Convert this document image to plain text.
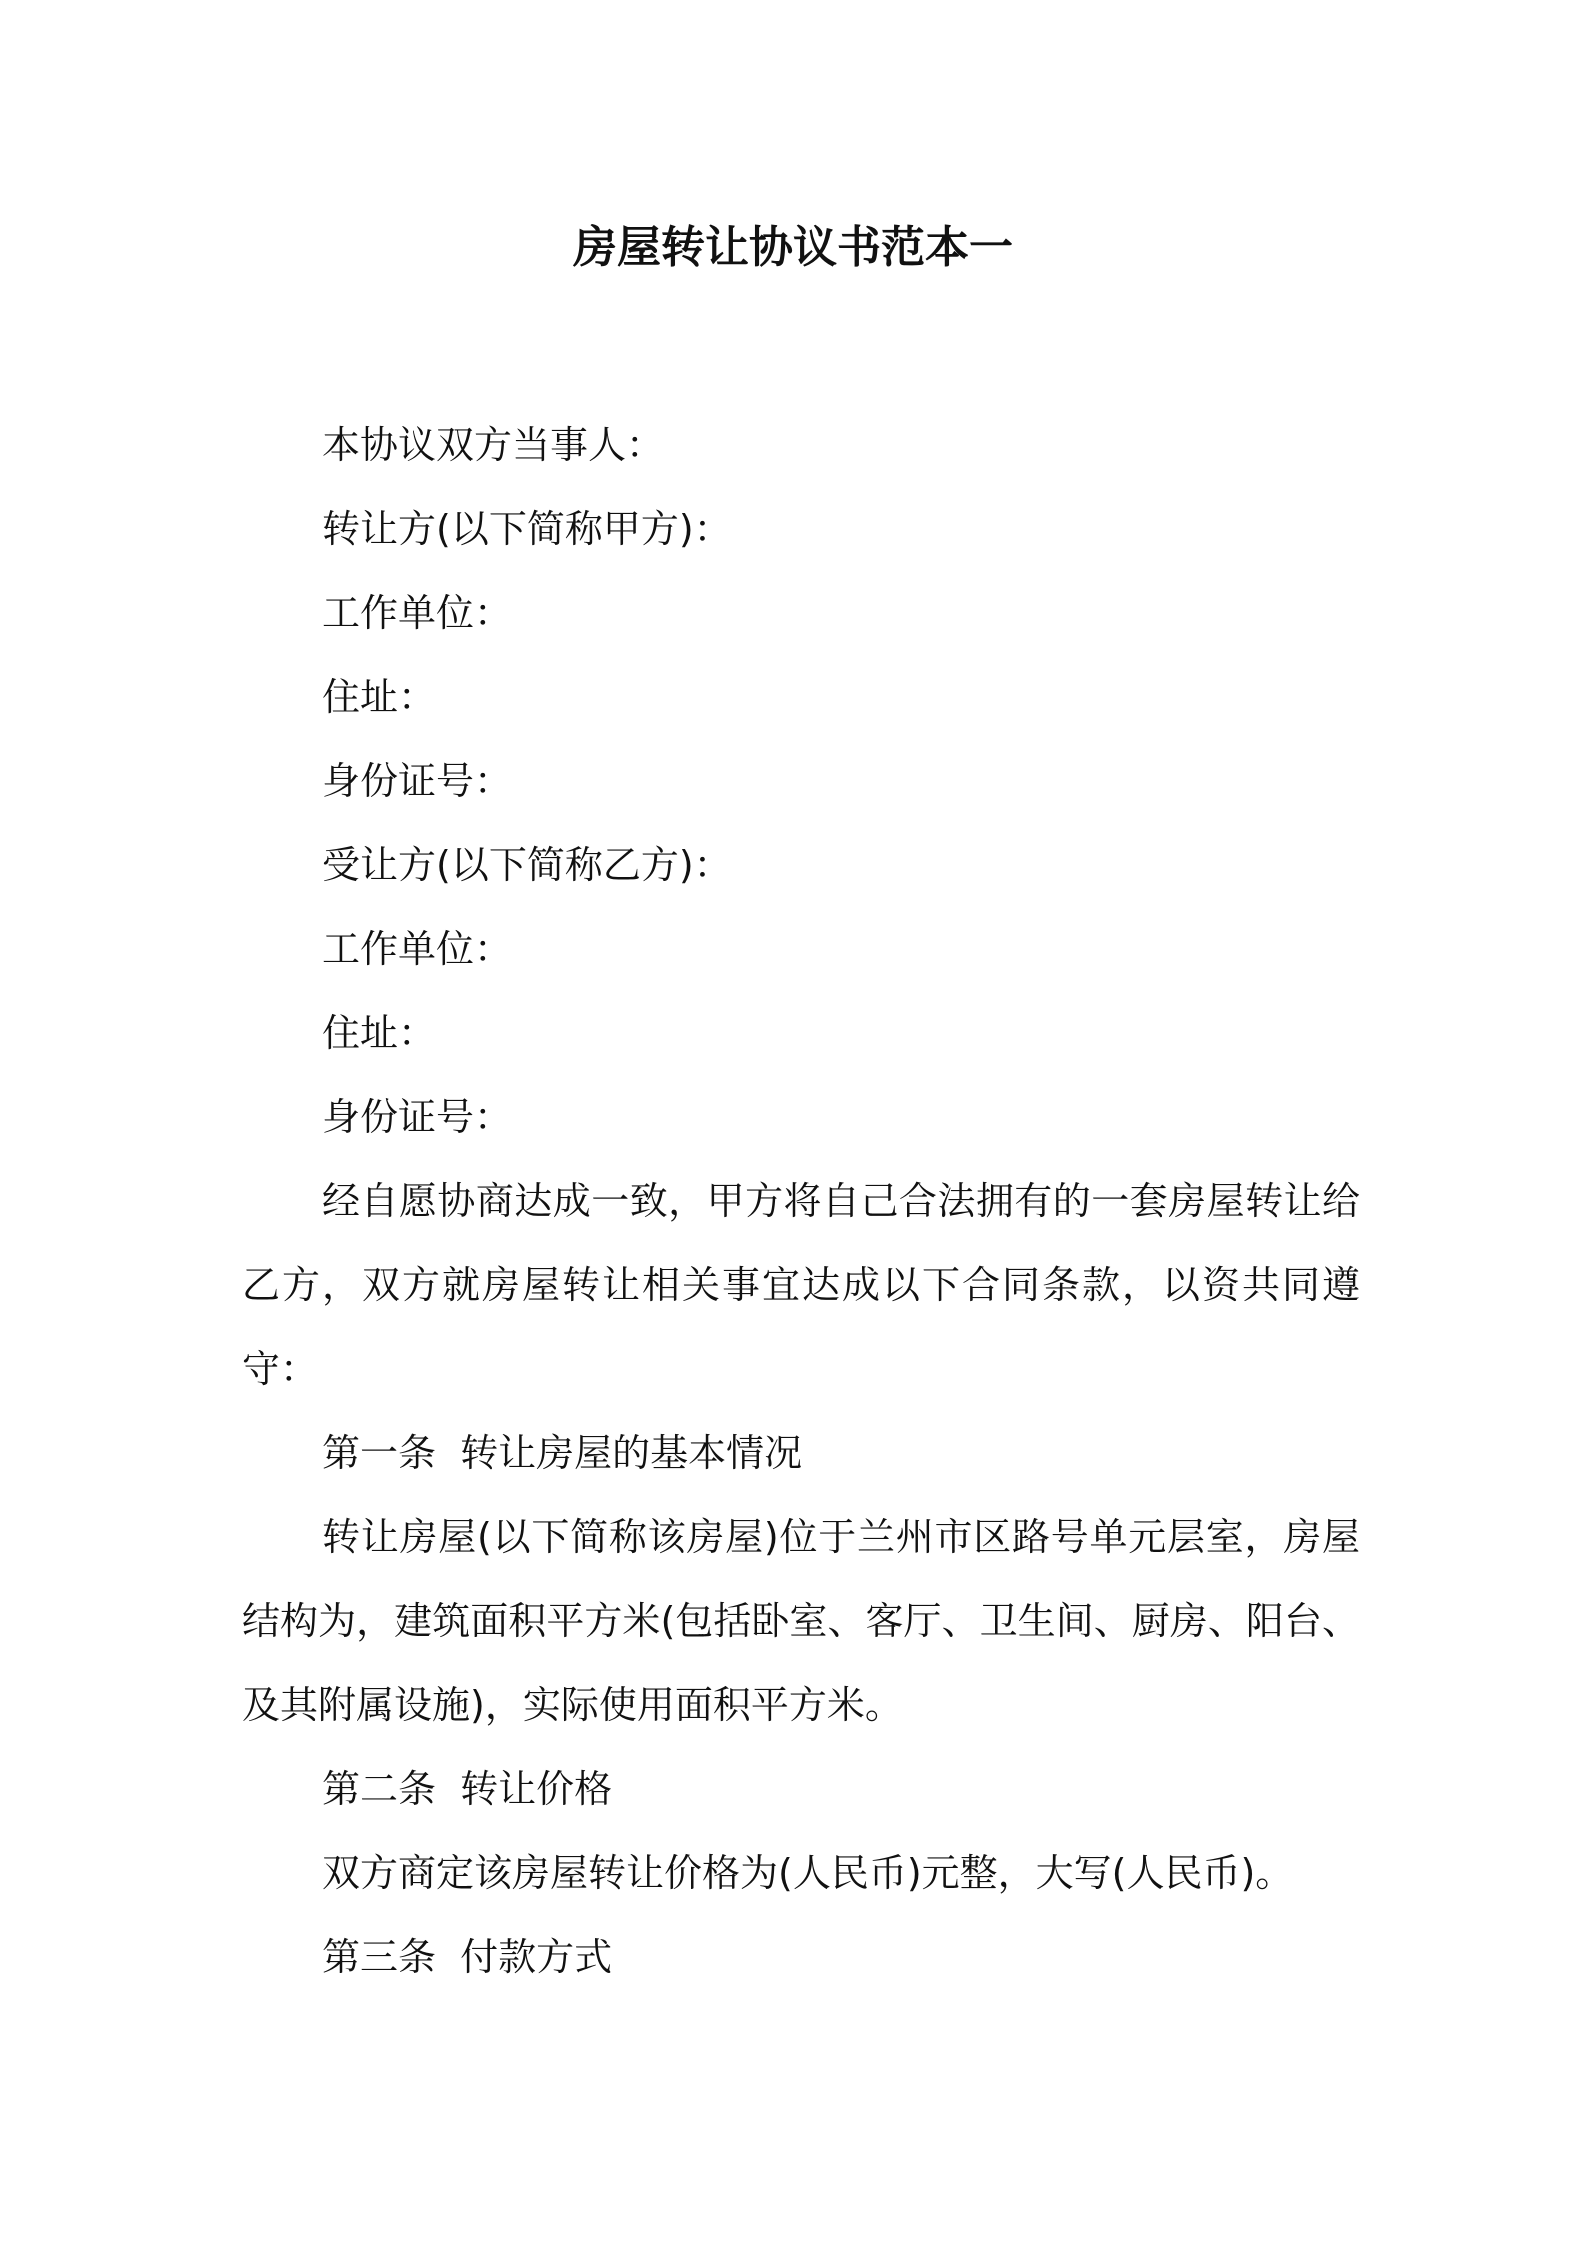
房屋转让协议书范本一
本协议双方当事人：
转让方(以下简称甲方)：
工作单位：
住址：
身份证号：
受让方(以下简称乙方)：
工作单位：
住址：
身份证号：
经自愿协商达成一致，甲方将自己合法拥有的一套房屋转让给乙方，双方就房屋转让相关事宜达成以下合同条款，以资共同遵守：
第一条  转让房屋的基本情况
转让房屋(以下简称该房屋)位于兰州市区路号单元层室，房屋结构为，建筑面积平方米(包括卧室、客厅、卫生间、厨房、阳台、及其附属设施)，实际使用面积平方米。
第二条  转让价格
双方商定该房屋转让价格为(人民币)元整，大写(人民币)。
第三条  付款方式
